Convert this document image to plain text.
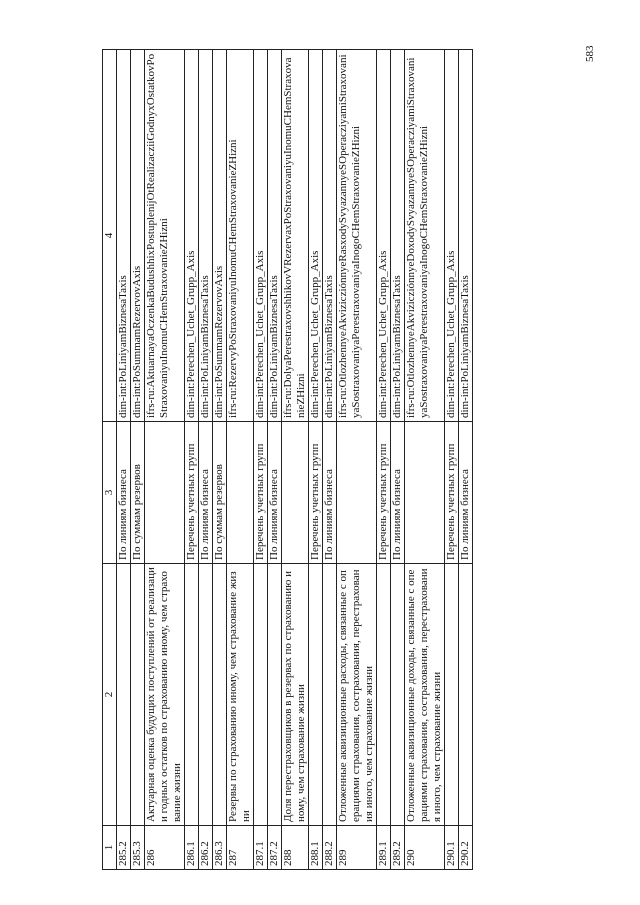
583
1	2	3	4
285.2		По линиям бизнеса	dim-int:PoLiniyamBiznesaTaxis
285.3		По суммам резервов	dim-int:PoSummamRezervovAxis
286	Актуарная оценка будущих поступлений от реализации годных остатков по страхованию иному, чем страхование жизни		ifrs-ru:AktuarnayaOczenkaBudushhixPostuplenijOtRealizacziiGodnyxOstatkovPoStraxovaniyuInomuCHemStraxovanieZHizni
286.1		Перечень учетных групп	dim-int:Perechen_Uchet_Grupp_Axis
286.2		По линиям бизнеса	dim-int:PoLiniyamBiznesaTaxis
286.3		По суммам резервов	dim-int:PoSummamRezervovAxis
287	Резервы по страхованию иному, чем страхование жизни		ifrs-ru:RezervyPoStraxovaniyuInomuCHemStraxovanieZHizni
287.1		Перечень учетных групп	dim-int:Perechen_Uchet_Grupp_Axis
287.2		По линиям бизнеса	dim-int:PoLiniyamBiznesaTaxis
288	Доля перестраховщиков в резервах по страхованию иному, чем страхование жизни		ifrs-ru:DolyaPerestraxovshhikovVRezervaxPoStraxovaniyuInomuCHemStraxovanieZHizni
288.1		Перечень учетных групп	dim-int:Perechen_Uchet_Grupp_Axis
288.2		По линиям бизнеса	dim-int:PoLiniyamBiznesaTaxis
289	Отложенные аквизиционные расходы, связанные с операциями страхования, сострахования, перестрахования иного, чем страхование жизни		ifrs-ru:OtlozhennyeAkvizicziónnyeRasxodySvyazannyeSOperacziyamiStraxovaniyaSostraxovaniyaPerestraxovaniyaInogoCHemStraxovanieZHizni
289.1		Перечень учетных групп	dim-int:Perechen_Uchet_Grupp_Axis
289.2		По линиям бизнеса	dim-int:PoLiniyamBiznesaTaxis
290	Отложенные аквизиционные доходы, связанные с операциями страхования, сострахования, перестрахования иного, чем страхование жизни		ifrs-ru:OtlozhennyeAkvizicziónnyeDoxodySvyazannyeSOperacziyamiStraxovaniyaSostraxovaniyaPerestraxovaniyaInogoCHemStraxovanieZHizni
290.1		Перечень учетных групп	dim-int:Perechen_Uchet_Grupp_Axis
290.2		По линиям бизнеса	dim-int:PoLiniyamBiznesaTaxis
